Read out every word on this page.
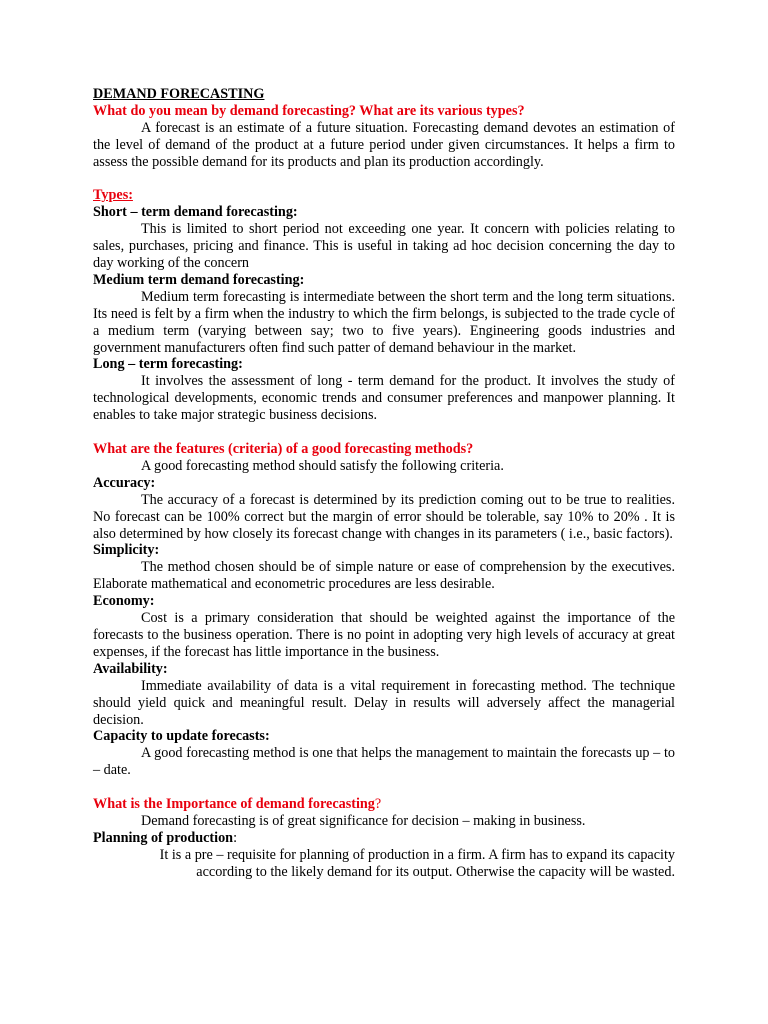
DEMAND FORECASTING
What do you mean by demand forecasting? What are its various types?
A forecast is an estimate of a future situation. Forecasting demand devotes an estimation of the level of demand of the product at a future period under given circumstances. It helps a firm to assess the possible demand for its products and plan its production accordingly.
Types:
Short – term demand forecasting:
This is limited to short period not exceeding one year. It concern with policies relating to sales, purchases, pricing and finance. This is useful in taking ad hoc decision concerning the day to day working of the concern
Medium term demand forecasting:
Medium term forecasting is intermediate between the short term and the long term situations. Its need is felt by a firm when the industry to which the firm belongs, is subjected to the trade cycle of a medium term (varying between say; two to five years). Engineering goods industries and government manufacturers often find such patter of demand behaviour in the market.
Long – term forecasting:
It involves the assessment of long - term demand for the product. It involves the study of technological developments, economic trends and consumer preferences and manpower planning. It enables to take major strategic business decisions.
What are the features (criteria) of a good forecasting methods?
A good forecasting method should satisfy the following criteria.
Accuracy:
The accuracy of a forecast is determined by its prediction coming out to be true to realities. No forecast can be 100% correct but the margin of error should be tolerable, say 10% to 20% . It is also determined by how closely its forecast change with changes in its parameters ( i.e., basic factors).
Simplicity:
The method chosen should be of simple nature or ease of comprehension by the executives. Elaborate mathematical and econometric procedures are less desirable.
Economy:
Cost is a primary consideration that should be weighted against the importance of the forecasts to the business operation. There is no point in adopting very high levels of accuracy at great expenses, if the forecast has little importance in the business.
Availability:
Immediate availability of data is a vital requirement in forecasting method. The technique should yield quick and meaningful result. Delay in results will adversely affect the managerial decision.
Capacity to update forecasts:
A good forecasting method is one that helps the management to maintain the forecasts up – to – date.
What is the Importance of demand forecasting?
Demand forecasting is of great significance for decision – making in business.
Planning of production:
It is a pre – requisite for planning of production in a firm. A firm has to expand its capacity according to the likely demand for its output. Otherwise the capacity will be wasted.
